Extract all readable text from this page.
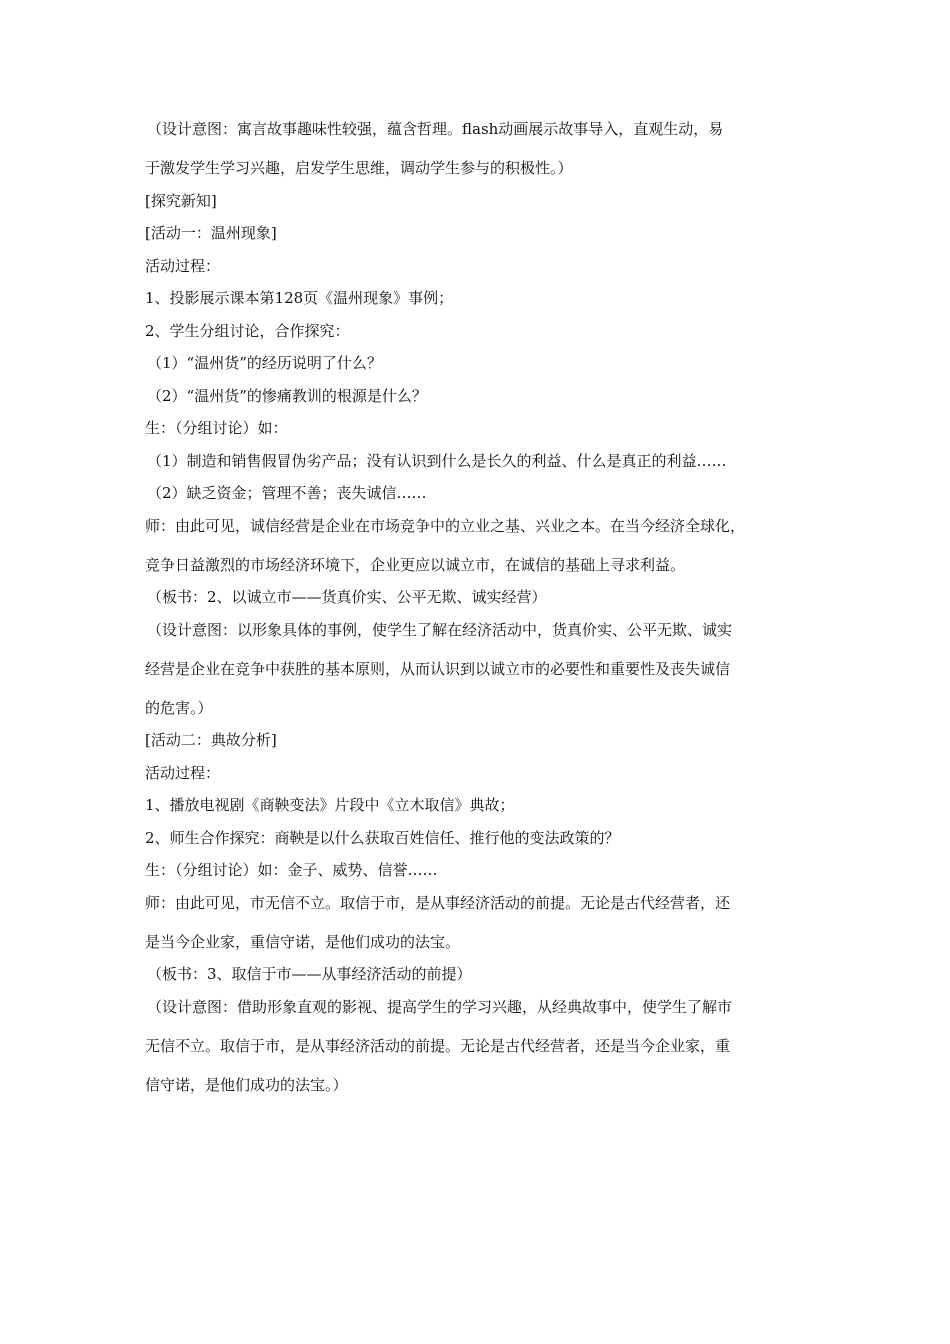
（设计意图：寓言故事趣味性较强，蕴含哲理。flash动画展示故事导入，直观生动，易

于激发学生学习兴趣，启发学生思维，调动学生参与的积极性。）

[探究新知]

[活动一：温州现象]

活动过程：

1、投影展示课本第128页《温州现象》事例；

2、学生分组讨论，合作探究：

（1）“温州货”的经历说明了什么？

（2）“温州货”的惨痛教训的根源是什么？

生：（分组讨论）如：

（1）制造和销售假冒伪劣产品；没有认识到什么是长久的利益、什么是真正的利益……

（2）缺乏资金；管理不善；丧失诚信……

师：由此可见，诚信经营是企业在市场竞争中的立业之基、兴业之本。在当今经济全球化，

竞争日益激烈的市场经济环境下，企业更应以诚立市，在诚信的基础上寻求利益。

（板书：2、以诚立市——货真价实、公平无欺、诚实经营）

（设计意图：以形象具体的事例，使学生了解在经济活动中，货真价实、公平无欺、诚实

经营是企业在竞争中获胜的基本原则，从而认识到以诚立市的必要性和重要性及丧失诚信

的危害。）

[活动二：典故分析]

活动过程：

1、播放电视剧《商鞅变法》片段中《立木取信》典故；

2、师生合作探究：商鞅是以什么获取百姓信任、推行他的变法政策的？

生：（分组讨论）如：金子、威势、信誉……

师：由此可见，市无信不立。取信于市，是从事经济活动的前提。无论是古代经营者，还

是当今企业家，重信守诺，是他们成功的法宝。

（板书：3、取信于市——从事经济活动的前提）

（设计意图：借助形象直观的影视、提高学生的学习兴趣，从经典故事中，使学生了解市

无信不立。取信于市，是从事经济活动的前提。无论是古代经营者，还是当今企业家，重

信守诺，是他们成功的法宝。）
